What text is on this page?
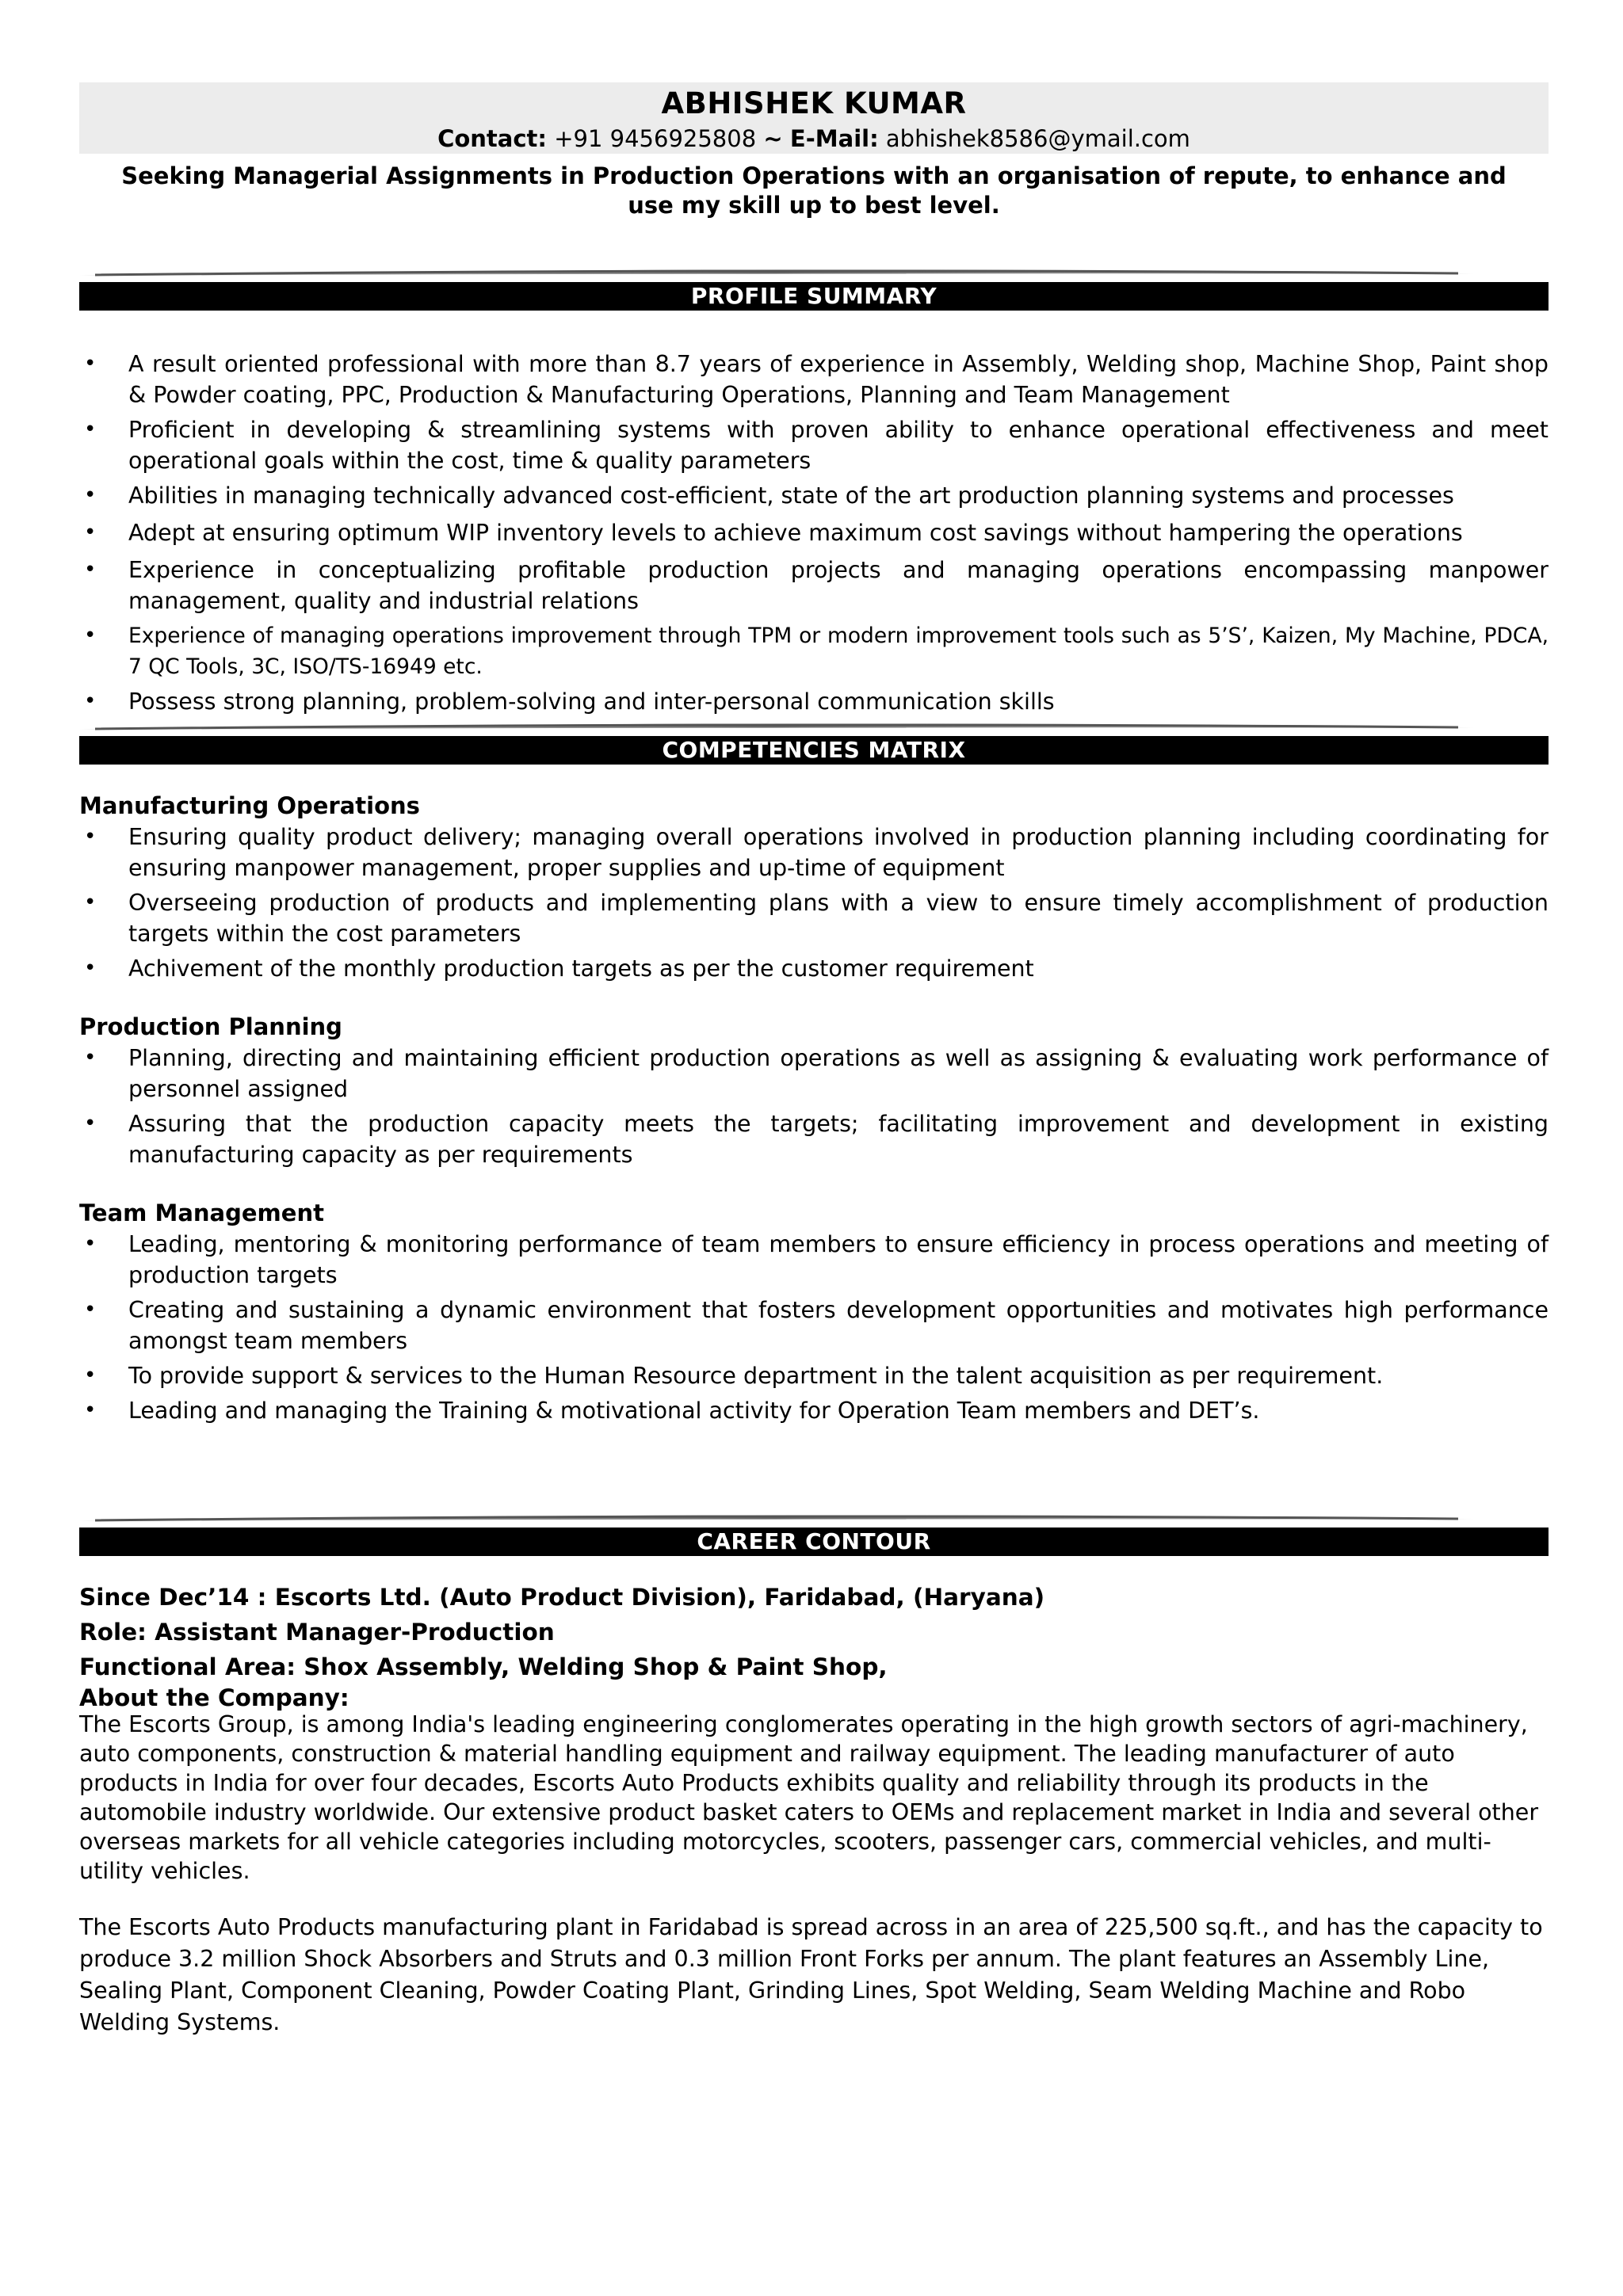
ABHISHEK KUMAR
Contact: +91 9456925808 ~ E-Mail: abhishek8586@ymail.com
Seeking Managerial Assignments in Production Operations with an organisation of repute, to enhance and use my skill up to best level.
PROFILE SUMMARY
• A result oriented professional with more than 8.7 years of experience in Assembly, Welding shop, Machine Shop, Paint shop & Powder coating, PPC, Production & Manufacturing Operations, Planning and Team Management
• Proficient in developing & streamlining systems with proven ability to enhance operational effectiveness and meet operational goals within the cost, time & quality parameters
• Abilities in managing technically advanced cost-efficient, state of the art production planning systems and processes
• Adept at ensuring optimum WIP inventory levels to achieve maximum cost savings without hampering the operations
• Experience in conceptualizing profitable production projects and managing operations encompassing manpower management, quality and industrial relations
• Experience of managing operations improvement through TPM or modern improvement tools such as 5’S’, Kaizen, My Machine, PDCA, 7 QC Tools, 3C, ISO/TS-16949 etc.
• Possess strong planning, problem-solving and inter-personal communication skills
COMPETENCIES MATRIX
Manufacturing Operations
• Ensuring quality product delivery; managing overall operations involved in production planning including coordinating for ensuring manpower management, proper supplies and up-time of equipment
• Overseeing production of products and implementing plans with a view to ensure timely accomplishment of production targets within the cost parameters
• Achivement of the monthly production targets as per the customer requirement
Production Planning
• Planning, directing and maintaining efficient production operations as well as assigning & evaluating work performance of personnel assigned
• Assuring that the production capacity meets the targets; facilitating improvement and development in existing manufacturing capacity as per requirements
Team Management
• Leading, mentoring & monitoring performance of team members to ensure efficiency in process operations and meeting of production targets
• Creating and sustaining a dynamic environment that fosters development opportunities and motivates high performance amongst team members
• To provide support & services to the Human Resource department in the talent acquisition as per requirement.
• Leading and managing the Training & motivational activity for Operation Team members and DET’s.
CAREER CONTOUR
Since Dec’14 : Escorts Ltd. (Auto Product Division), Faridabad, (Haryana)
Role: Assistant Manager-Production
Functional Area: Shox Assembly, Welding Shop & Paint Shop,
About the Company:
The Escorts Group, is among India's leading engineering conglomerates operating in the high growth sectors of agri-machinery, auto components, construction & material handling equipment and railway equipment. The leading manufacturer of auto products in India for over four decades, Escorts Auto Products exhibits quality and reliability through its products in the automobile industry worldwide. Our extensive product basket caters to OEMs and replacement market in India and several other overseas markets for all vehicle categories including motorcycles, scooters, passenger cars, commercial vehicles, and multi-utility vehicles.
The Escorts Auto Products manufacturing plant in Faridabad is spread across in an area of 225,500 sq.ft., and has the capacity to produce 3.2 million Shock Absorbers and Struts and 0.3 million Front Forks per annum. The plant features an Assembly Line, Sealing Plant, Component Cleaning, Powder Coating Plant, Grinding Lines, Spot Welding, Seam Welding Machine and Robo Welding Systems.
